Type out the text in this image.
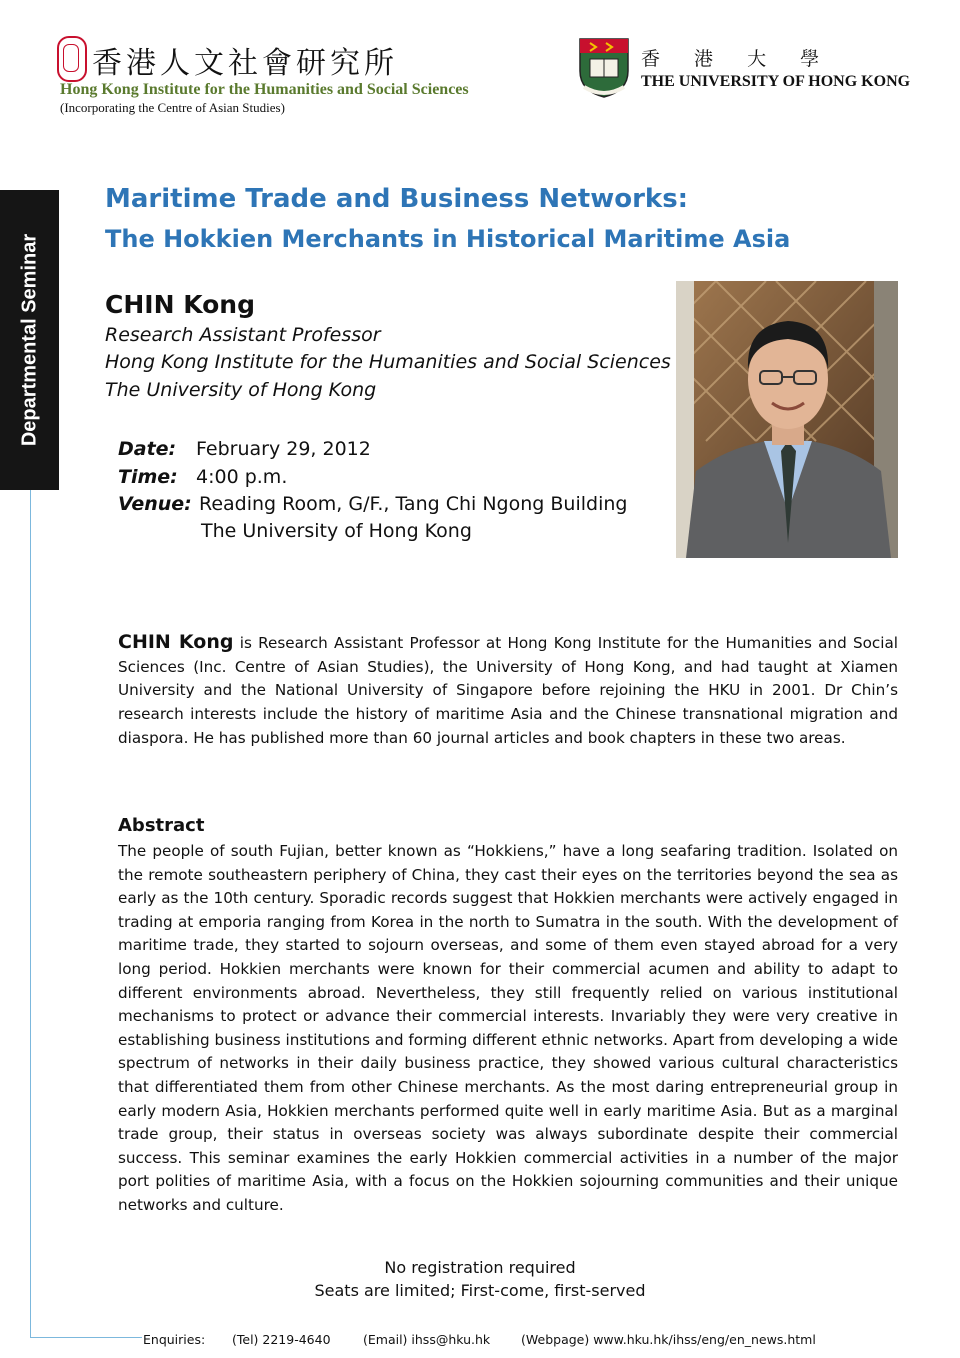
香港人文社會研究所
Hong Kong Institute for the Humanities and Social Sciences
(Incorporating the Centre of Asian Studies)
香 港 大 學
THE UNIVERSITY OF HONG KONG
Departmental Seminar
Maritime Trade and Business Networks:
The Hokkien Merchants in Historical Maritime Asia
CHIN Kong
Research Assistant Professor
Hong Kong Institute for the Humanities and Social Sciences
The University of Hong Kong
Date: February 29, 2012
Time: 4:00 p.m.
Venue: Reading Room, G/F., Tang Chi Ngong Building
The University of Hong Kong
CHIN Kong is Research Assistant Professor at Hong Kong Institute for the Humanities and Social Sciences (Inc. Centre of Asian Studies), the University of Hong Kong, and had taught at Xiamen University and the National University of Singapore before rejoining the HKU in 2001. Dr Chin’s research interests include the history of maritime Asia and the Chinese transnational migration and diaspora. He has published more than 60 journal articles and book chapters in these two areas.
Abstract
The people of south Fujian, better known as “Hokkiens,” have a long seafaring tradition. Isolated on the remote southeastern periphery of China, they cast their eyes on the territories beyond the sea as early as the 10th century. Sporadic records suggest that Hokkien merchants were actively engaged in trading at emporia ranging from Korea in the north to Sumatra in the south. With the development of maritime trade, they started to sojourn overseas, and some of them even stayed abroad for a very long period. Hokkien merchants were known for their commercial acumen and ability to adapt to different environments abroad. Nevertheless, they still frequently relied on various institutional mechanisms to protect or advance their commercial interests. Invariably they were very creative in establishing business institutions and forming different ethnic networks. Apart from developing a wide spectrum of networks in their daily business practice, they showed various cultural characteristics that differentiated them from other Chinese merchants. As the most daring entrepreneurial group in early modern Asia, Hokkien merchants performed quite well in early maritime Asia. But as a marginal trade group, their status in overseas society was always subordinate despite their commercial success. This seminar examines the early Hokkien commercial activities in a number of the major port polities of maritime Asia, with a focus on the Hokkien sojourning communities and their unique networks and culture.
No registration required
Seats are limited; First-come, first-served
Enquiries: (Tel) 2219-4640	(Email) ihss@hku.hk (Webpage) www.hku.hk/ihss/eng/en_news.html
